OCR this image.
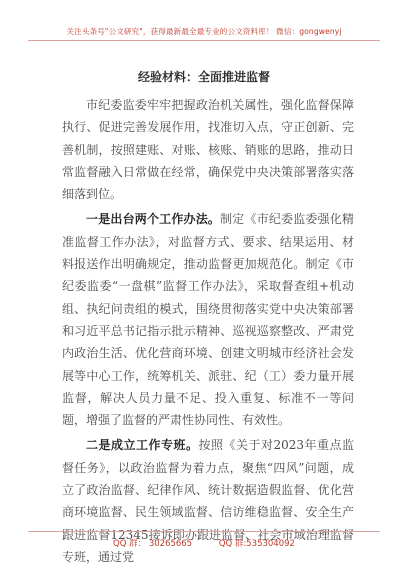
关注头条号"公文研究"，获得最新最全最专业的公文资料库！ 微信：gongwenyj
经验材料：全面推进监督

市纪委监委牢牢把握政治机关属性，强化监督保障执行、促进完善发展作用，找准切入点，守正创新、完善机制，按照建账、对账、核账、销账的思路，推动日常监督融入日常做在经常，确保党中央决策部署落实落细落到位。

一是出台两个工作办法。制定《市纪委监委强化精准监督工作办法》，对监督方式、要求、结果运用、材料报送作出明确规定，推动监督更加规范化。制定《市纪委监委“一盘棋”监督工作办法》，采取督查组+机动组、执纪问责组的模式，围绕贯彻落实党中央决策部署和习近平总书记指示批示精神、巡视巡察整改、严肃党内政治生活、优化营商环境、创建文明城市经济社会发展等中心工作，统筹机关、派驻、纪（工）委力量开展监督，解决人员力量不足、投入重复、标准不一等问题，增强了监督的严肃性协同性、有效性。

二是成立工作专班。按照《关于对2023年重点监督任务》，以政治监督为着力点，聚焦“四风”问题，成立了政治监督、纪律作风、统计数据造假监督、优化营商环境监督、民生领域监督、信访维稳监督、安全生产跟进监督12345接诉即办跟进监督、社会市域治理监督专班，通过党

QQ 群： 30265665	QQ 群:535304092
